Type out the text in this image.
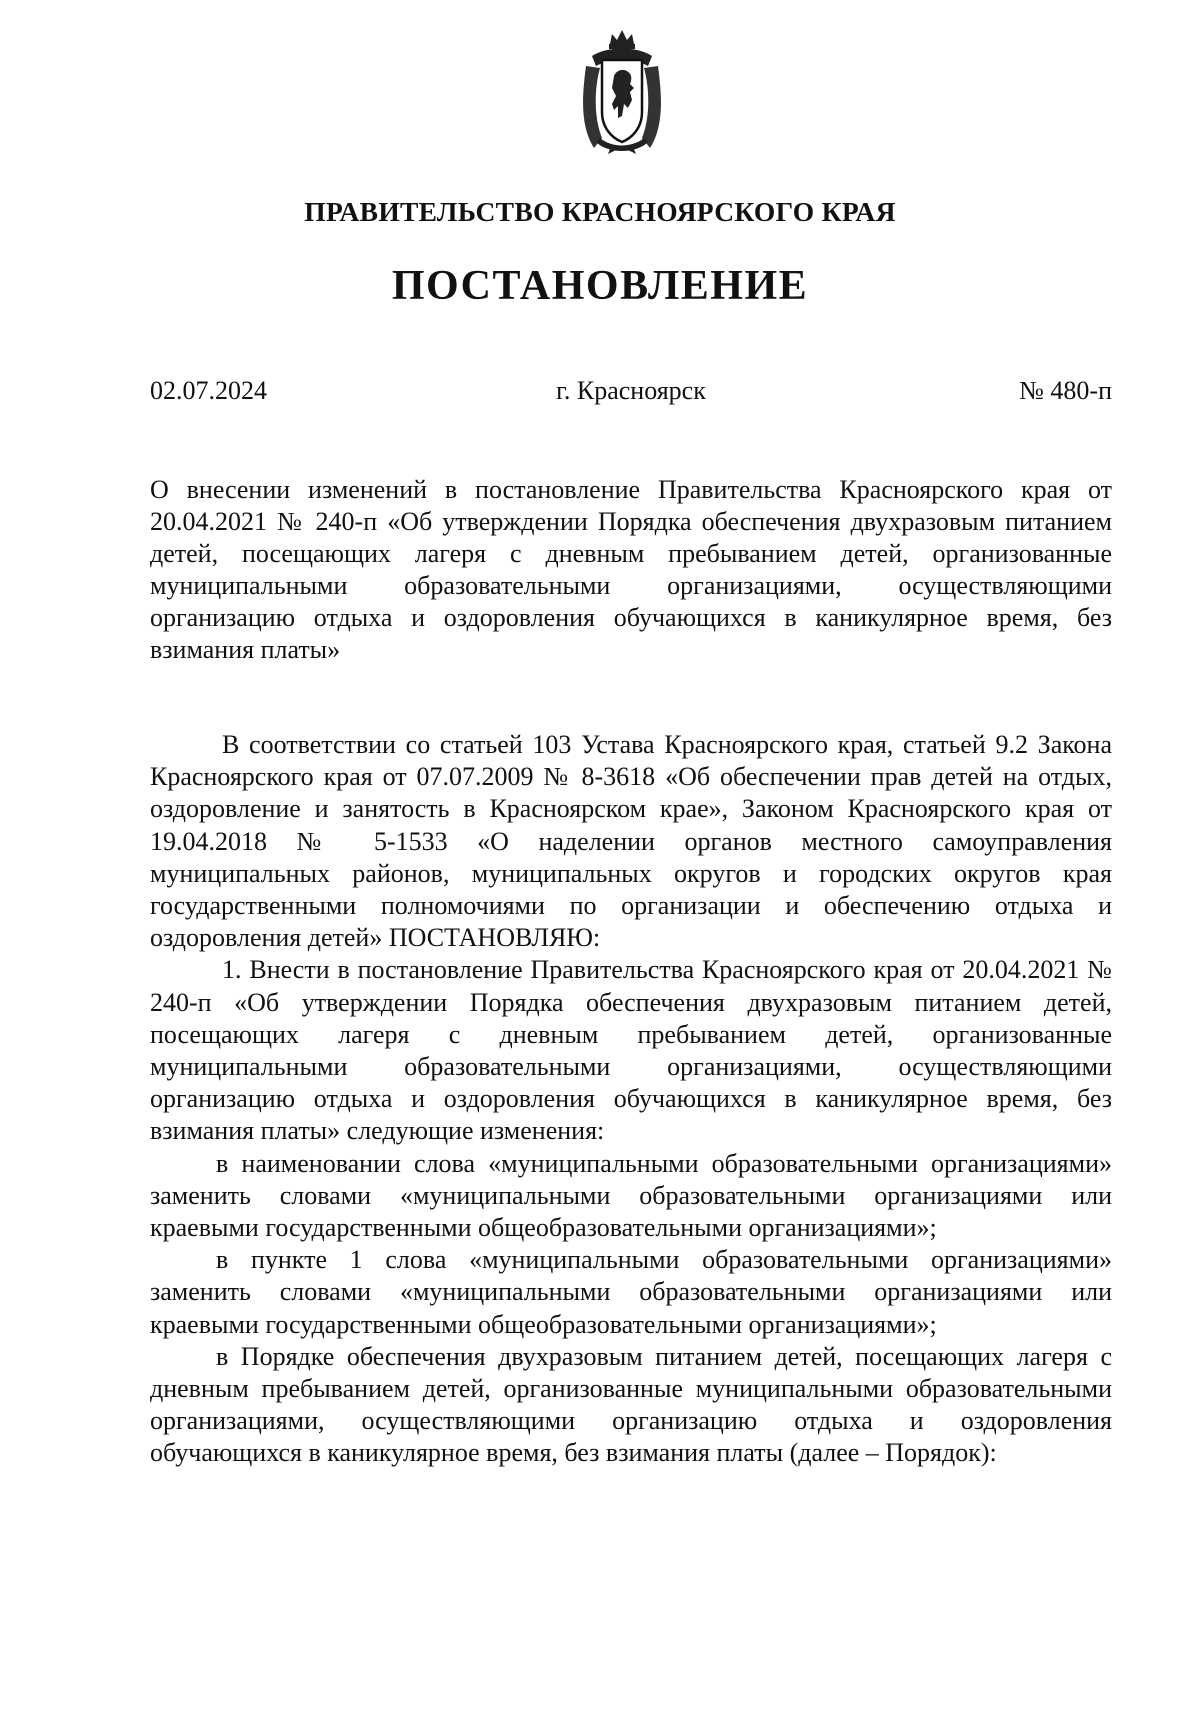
ПРАВИТЕЛЬСТВО КРАСНОЯРСКОГО КРАЯ
ПОСТАНОВЛЕНИЕ
02.07.2024	г. Красноярск	№ 480-п
О внесении изменений в постановление Правительства Красноярского края от 20.04.2021 № 240-п «Об утверждении Порядка обеспечения двухразовым питанием детей, посещающих лагеря с дневным пребыванием детей, организованные муниципальными образовательными организациями, осуществляющими организацию отдыха и оздоровления обучающихся в каникулярное время, без взимания платы»

В соответствии со статьей 103 Устава Красноярского края, статьей 9.2 Закона Красноярского края от 07.07.2009 № 8-3618 «Об обеспечении прав детей на отдых, оздоровление и занятость в Красноярском крае», Законом Красноярского края от 19.04.2018 № 5-1533 «О наделении органов местного самоуправления муниципальных районов, муниципальных округов и городских округов края государственными полномочиями по организации и обеспечению отдыха и оздоровления детей» ПОСТАНОВЛЯЮ:

1. Внести в постановление Правительства Красноярского края от 20.04.2021 № 240-п «Об утверждении Порядка обеспечения двухразовым питанием детей, посещающих лагеря с дневным пребыванием детей, организованные муниципальными образовательными организациями, осуществляющими организацию отдыха и оздоровления обучающихся в каникулярное время, без взимания платы» следующие изменения:

в наименовании слова «муниципальными образовательными организациями» заменить словами «муниципальными образовательными организациями или краевыми государственными общеобразовательными организациями»;

в пункте 1 слова «муниципальными образовательными организациями» заменить словами «муниципальными образовательными организациями или краевыми государственными общеобразовательными организациями»;

в Порядке обеспечения двухразовым питанием детей, посещающих лагеря с дневным пребыванием детей, организованные муниципальными образовательными организациями, осуществляющими организацию отдыха и оздоровления обучающихся в каникулярное время, без взимания платы (далее – Порядок):
